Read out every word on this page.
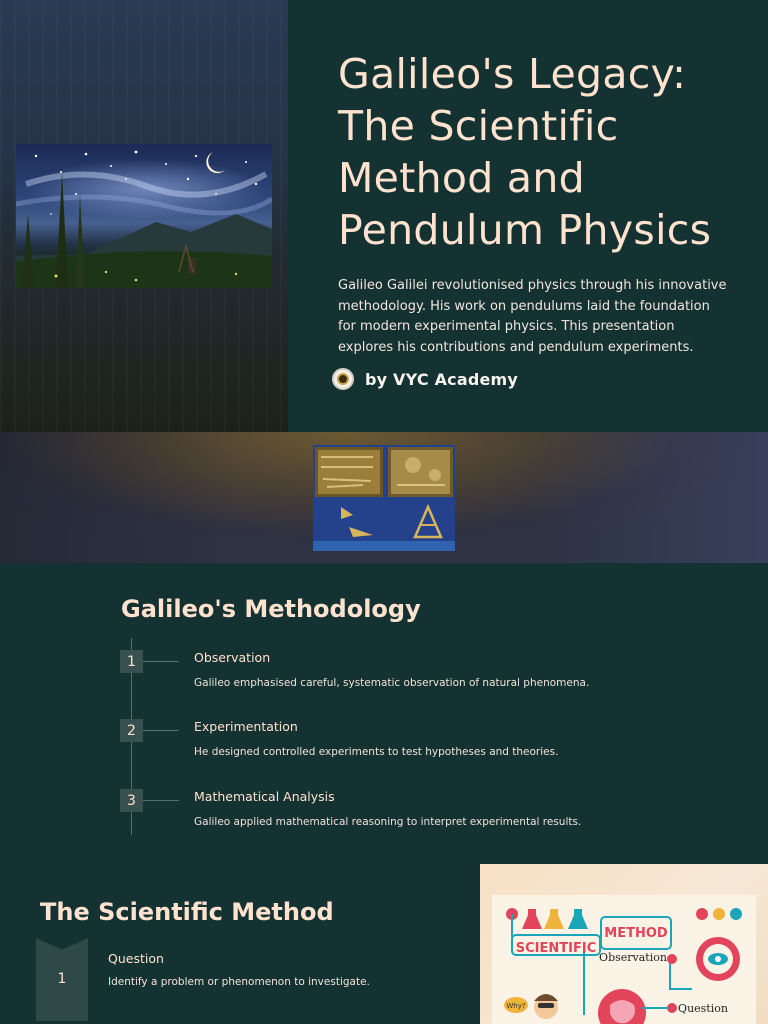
Galileo's Legacy: The Scientific Method and Pendulum Physics

Galileo Galilei revolutionised physics through his innovative methodology. His work on pendulums laid the foundation for modern experimental physics. This presentation explores his contributions and pendulum experiments.

by VYC Academy
Galileo's Methodology
1	Observation
Galileo emphasised careful, systematic observation of natural phenomena.
2	Experimentation
He designed controlled experiments to test hypotheses and theories.
3	Mathematical Analysis
Galileo applied mathematical reasoning to interpret experimental results.
The Scientific Method
1
Question
Identify a problem or phenomenon to investigate.
Why?
SCIENTIFIC
METHOD
Observation
Question
